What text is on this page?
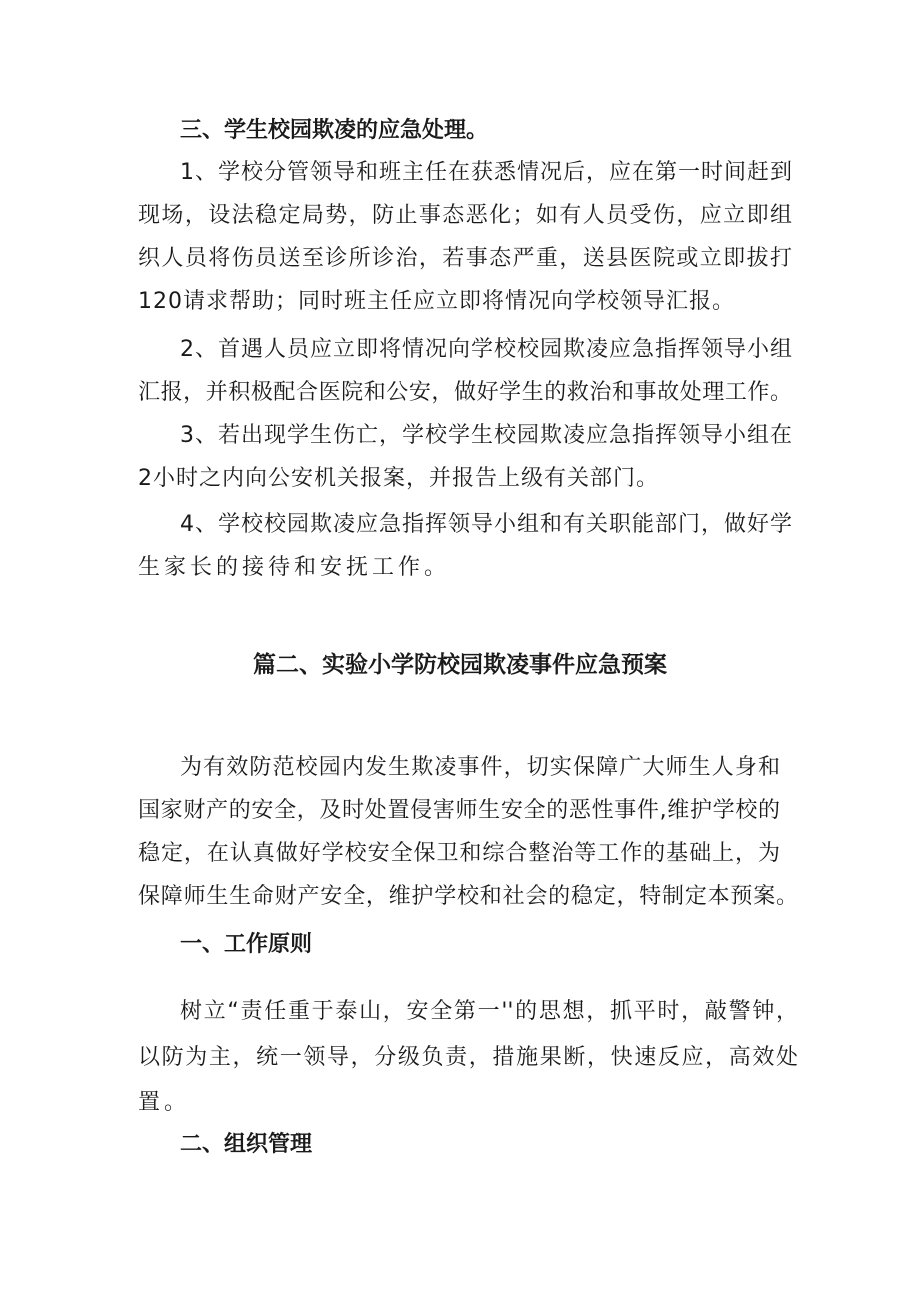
三、学生校园欺凌的应急处理。
1、学校分管领导和班主任在获悉情况后，应在第一时间赶到
现场，设法稳定局势，防止事态恶化；如有人员受伤，应立即组
织人员将伤员送至诊所诊治，若事态严重，送县医院或立即拔打
120请求帮助；同时班主任应立即将情况向学校领导汇报。
2、首遇人员应立即将情况向学校校园欺凌应急指挥领导小组
汇报，并积极配合医院和公安，做好学生的救治和事故处理工作。
3、若出现学生伤亡，学校学生校园欺凌应急指挥领导小组在
2小时之内向公安机关报案，并报告上级有关部门。
4、学校校园欺凌应急指挥领导小组和有关职能部门，做好学
生家长的接待和安抚工作。
篇二、实验小学防校园欺凌事件应急预案
为有效防范校园内发生欺凌事件，切实保障广大师生人身和
国家财产的安全，及时处置侵害师生安全的恶性事件,维护学校的
稳定，在认真做好学校安全保卫和综合整治等工作的基础上，为
保障师生生命财产安全，维护学校和社会的稳定，特制定本预案。
一、工作原则
树立“责任重于泰山，安全第一''的思想，抓平时，敲警钟，
以防为主，统一领导，分级负责，措施果断，快速反应，高效处
置。
二、组织管理
